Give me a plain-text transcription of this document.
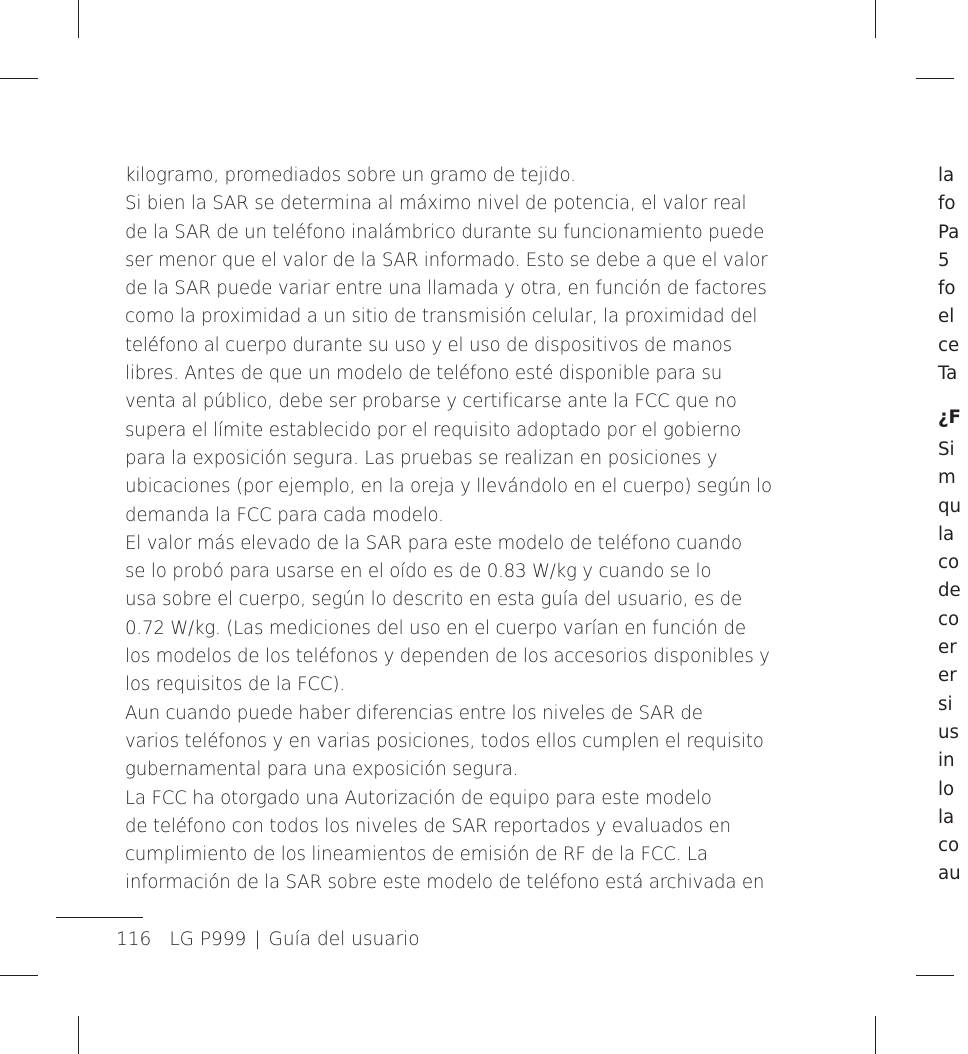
kilogramo, promediados sobre un gramo de tejido.
Si bien la SAR se determina al máximo nivel de potencia, el valor real
de la SAR de un teléfono inalámbrico durante su funcionamiento puede
ser menor que el valor de la SAR informado. Esto se debe a que el valor
de la SAR puede variar entre una llamada y otra, en función de factores
como la proximidad a un sitio de transmisión celular, la proximidad del
teléfono al cuerpo durante su uso y el uso de dispositivos de manos
libres. Antes de que un modelo de teléfono esté disponible para su
venta al público, debe ser probarse y certificarse ante la FCC que no
supera el límite establecido por el requisito adoptado por el gobierno
para la exposición segura. Las pruebas se realizan en posiciones y
ubicaciones (por ejemplo, en la oreja y llevándolo en el cuerpo) según lo
demanda la FCC para cada modelo.
El valor más elevado de la SAR para este modelo de teléfono cuando
se lo probó para usarse en el oído es de 0.83 W/kg y cuando se lo
usa sobre el cuerpo, según lo descrito en esta guía del usuario, es de
0.72 W/kg. (Las mediciones del uso en el cuerpo varían en función de
los modelos de los teléfonos y dependen de los accesorios disponibles y
los requisitos de la FCC).
Aun cuando puede haber diferencias entre los niveles de SAR de
varios teléfonos y en varias posiciones, todos ellos cumplen el requisito
gubernamental para una exposición segura.
La FCC ha otorgado una Autorización de equipo para este modelo
de teléfono con todos los niveles de SAR reportados y evaluados en
cumplimiento de los lineamientos de emisión de RF de la FCC. La
información de la SAR sobre este modelo de teléfono está archivada en
la
fo
Pa
5
fo
el
ce
Ta
¿F
Si
m
qu
la
co
de
co
er
er
si
us
in
lo
la
co
au
116 LG P999 | Guía del usuario
